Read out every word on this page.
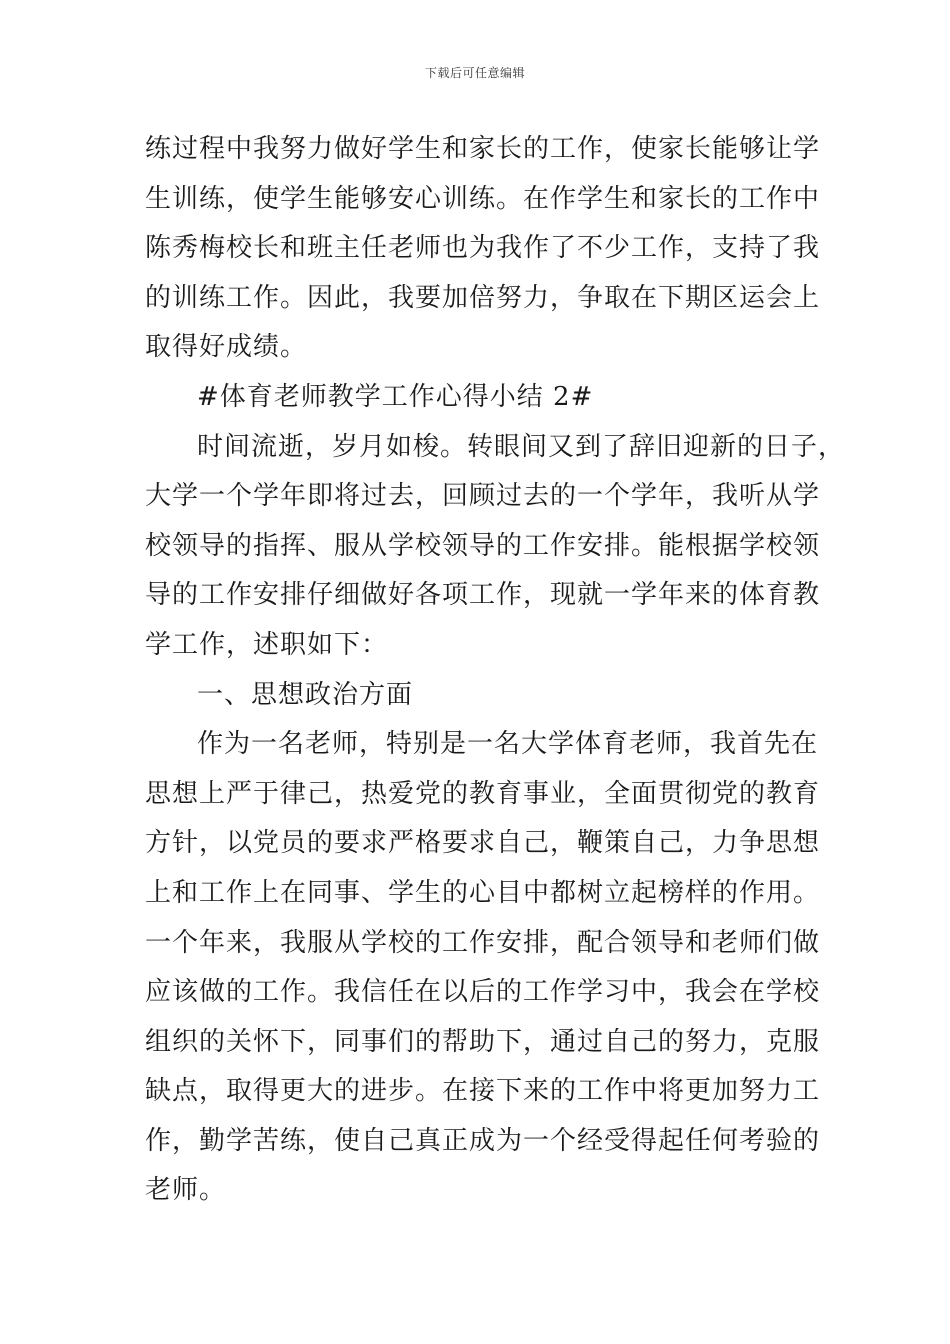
下载后可任意编辑
练过程中我努力做好学生和家长的工作，使家长能够让学
生训练，使学生能够安心训练。在作学生和家长的工作中
陈秀梅校长和班主任老师也为我作了不少工作，支持了我
的训练工作。因此，我要加倍努力，争取在下期区运会上
取得好成绩。
#体育老师教学工作心得小结 2#
时间流逝，岁月如梭。转眼间又到了辞旧迎新的日子，
大学一个学年即将过去，回顾过去的一个学年，我听从学
校领导的指挥、服从学校领导的工作安排。能根据学校领
导的工作安排仔细做好各项工作，现就一学年来的体育教
学工作，述职如下：
一、思想政治方面
作为一名老师，特别是一名大学体育老师，我首先在
思想上严于律己，热爱党的教育事业，全面贯彻党的教育
方针，以党员的要求严格要求自己，鞭策自己，力争思想
上和工作上在同事、学生的心目中都树立起榜样的作用。
一个年来，我服从学校的工作安排，配合领导和老师们做
应该做的工作。我信任在以后的工作学习中，我会在学校
组织的关怀下，同事们的帮助下，通过自己的努力，克服
缺点，取得更大的进步。在接下来的工作中将更加努力工
作，勤学苦练，使自己真正成为一个经受得起任何考验的
老师。
